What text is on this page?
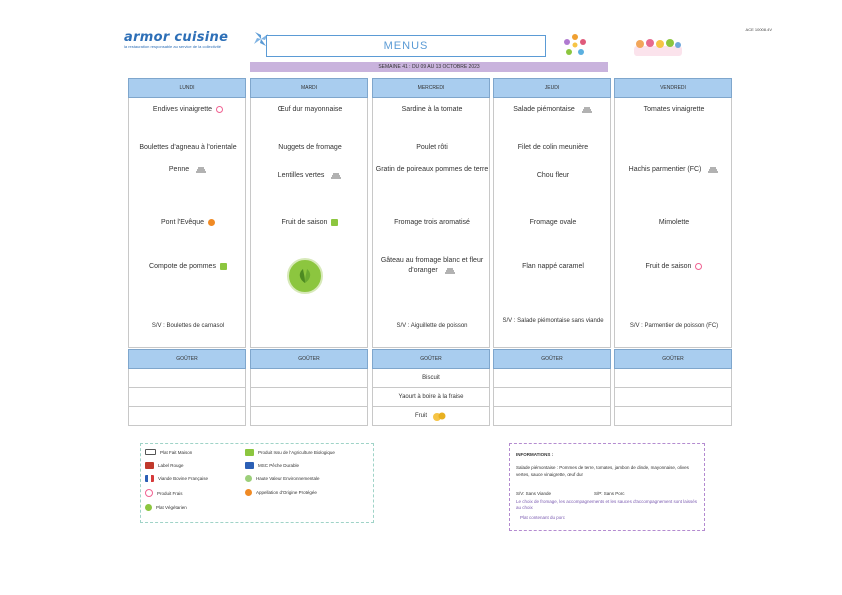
armor cuisine
la restauration responsable au service de la collectivité	MENUS
ACE 10008.4V
SEMAINE 41 : DU 09 AU 13 OCTOBRE 2023
LUNDI
Endives vinaigrette
Boulettes d'agneau à l'orientale
Penne
Pont l'Evêque
Compote de pommes
S/V : Boulettes de carnasol
GOÛTER
MARDI
Œuf dur mayonnaise
Nuggets de fromage
Lentilles vertes
Fruit de saison
GOÛTER
MERCREDI
Sardine à la tomate
Poulet rôti
Gratin de poireaux pommes de terre
Fromage trois aromatisé
Gâteau au fromage blanc et fleur d'oranger
S/V : Aiguillette de poisson
GOÛTER
Biscuit
Yaourt à boire à la fraise
Fruit
JEUDI
Salade piémontaise
Filet de colin meunière
Chou fleur
Fromage ovale
Flan nappé caramel
S/V : Salade piémontaise sans viande
GOÛTER
VENDREDI
Tomates vinaigrette
Hachis parmentier (FC)
Mimolette
Fruit de saison
S/V : Parmentier de poisson (FC)
GOÛTER
Plat Fait Maison
Label Rouge
Viande Bovine Française
Produit Frais
Plat Végétarien
Produit Issu de l'Agriculture Biologique
MSC Pêche Durable
Haute Valeur Environnementale
Appellation d'Origine Protégée
INFORMATIONS :
Salade piémontaise : Pommes de terre, tomates, jambon de dinde, mayonnaise, olives vertes, sauce vinaigrette, œuf dur
S/V: Sans Viande	S/P: Sans Porc
Le choix de fromage, les accompagnements et les sauces d'accompagnement sont laissés au choix
Plat contenant du porc
